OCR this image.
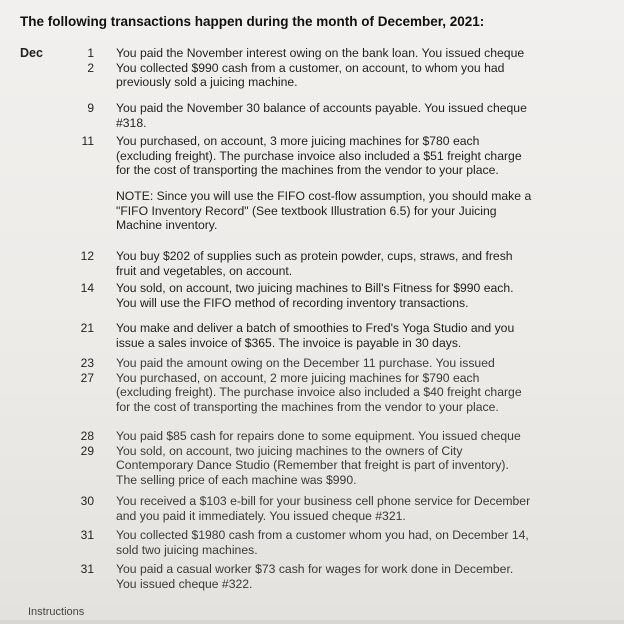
The following transactions happen during the month of December, 2021:
Dec	1
2

You paid the November interest owing on the bank loan. You issued cheque

You collected $990 cash from a customer, on account, to whom you had

previously sold a juicing machine.

9 You paid the November 30 balance of accounts payable. You issued cheque

#318.

11 You purchased, on account, 3 more juicing machines for $780 each

(excluding freight). The purchase invoice also included a $51 freight charge

for the cost of transporting the machines from the vendor to your place.

NOTE: Since you will use the FIFO cost-flow assumption, you should make a

"FIFO Inventory Record" (See textbook Illustration 6.5) for your Juicing

Machine inventory.

12 You buy $202 of supplies such as protein powder, cups, straws, and fresh

fruit and vegetables, on account.

14 You sold, on account, two juicing machines to Bill's Fitness for $990 each.

You will use the FIFO method of recording inventory transactions.

21 You make and deliver a batch of smoothies to Fred's Yoga Studio and you

issue a sales invoice of $365. The invoice is payable in 30 days.

23
27

You paid the amount owing on the December 11 purchase. You issued

You purchased, on account, 2 more juicing machines for $790 each

(excluding freight). The purchase invoice also included a $40 freight charge

for the cost of transporting the machines from the vendor to your place.

28
29

You paid $85 cash for repairs done to some equipment. You issued cheque

You sold, on account, two juicing machines to the owners of City

Contemporary Dance Studio (Remember that freight is part of inventory).

The selling price of each machine was $990.

30 You received a $103 e-bill for your business cell phone service for December

and you paid it immediately. You issued cheque #321.

31 You collected $1980 cash from a customer whom you had, on December 14,

sold two juicing machines.

31 You paid a casual worker $73 cash for wages for work done in December.

You issued cheque #322.

Instructions
